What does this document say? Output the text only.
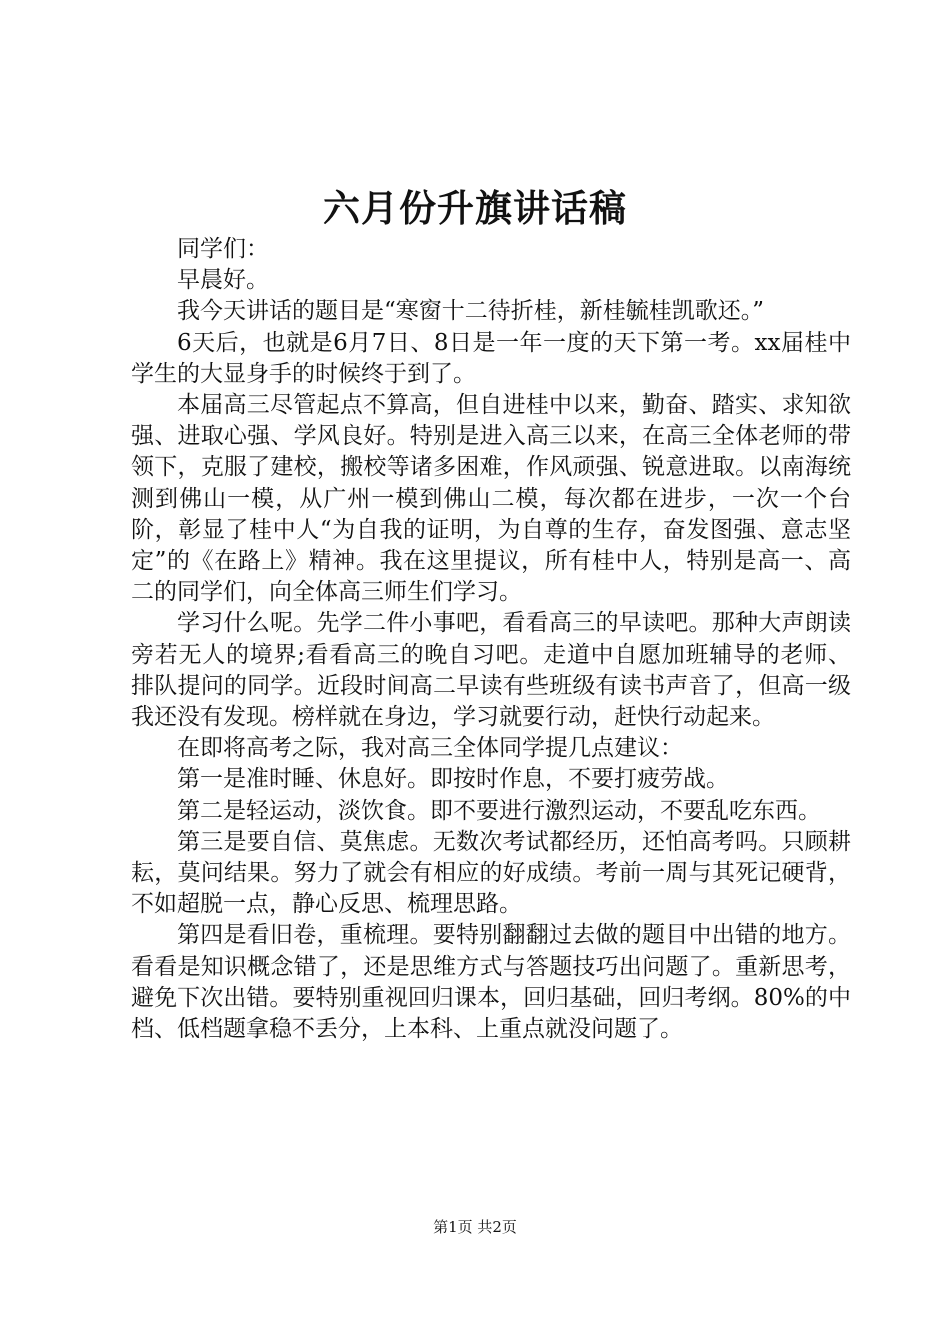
六月份升旗讲话稿

同学们：

早晨好。

我今天讲话的题目是“寒窗十二待折桂，新桂毓桂凯歌还。”

6天后，也就是6月7日、8日是一年一度的天下第一考。xx届桂中学生的大显身手的时候终于到了。

本届高三尽管起点不算高，但自进桂中以来，勤奋、踏实、求知欲强、进取心强、学风良好。特别是进入高三以来，在高三全体老师的带领下，克服了建校，搬校等诸多困难，作风顽强、锐意进取。以南海统测到佛山一模，从广州一模到佛山二模，每次都在进步，一次一个台阶，彰显了桂中人“为自我的证明，为自尊的生存，奋发图强、意志坚定”的《在路上》精神。我在这里提议，所有桂中人，特别是高一、高二的同学们，向全体高三师生们学习。

学习什么呢。先学二件小事吧，看看高三的早读吧。那种大声朗读旁若无人的境界;看看高三的晚自习吧。走道中自愿加班辅导的老师、排队提问的同学。近段时间高二早读有些班级有读书声音了，但高一级我还没有发现。榜样就在身边，学习就要行动，赶快行动起来。

在即将高考之际，我对高三全体同学提几点建议：

第一是准时睡、休息好。即按时作息，不要打疲劳战。

第二是轻运动，淡饮食。即不要进行激烈运动，不要乱吃东西。

第三是要自信、莫焦虑。无数次考试都经历，还怕高考吗。只顾耕耘，莫问结果。努力了就会有相应的好成绩。考前一周与其死记硬背，不如超脱一点，静心反思、梳理思路。

第四是看旧卷，重梳理。要特别翻翻过去做的题目中出错的地方。看看是知识概念错了，还是思维方式与答题技巧出问题了。重新思考，避免下次出错。要特别重视回归课本，回归基础，回归考纲。80%的中档、低档题拿稳不丢分，上本科、上重点就没问题了。

第1页 共2页
